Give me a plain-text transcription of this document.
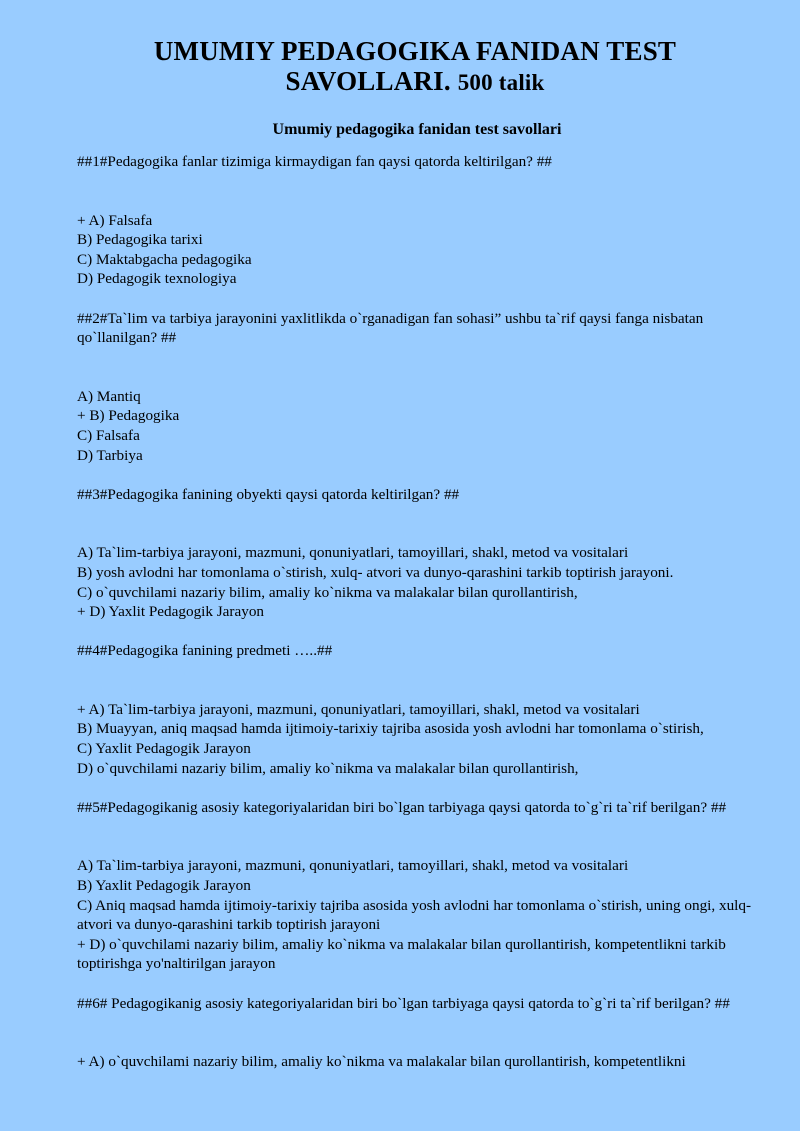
UMUMIY PEDAGOGIKA FANIDAN TEST
SAVOLLARI. 500 talik

Umumiy pedagogika fanidan test savollari

##1#Pedagogika fanlar tizimiga kirmaydigan fan qaysi qatorda keltirilgan? ##

+ A) Falsafa
B) Pedagogika tarixi
C) Maktabgacha pedagogika
D) Pedagogik texnologiya

##2#Ta`lim va tarbiya jarayonini yaxlitlikda o`rganadigan fan sohasi” ushbu ta`rif qaysi fanga nisbatan qo`llanilgan? ##

A) Mantiq
+ B) Pedagogika
C) Falsafa
D) Tarbiya

##3#Pedagogika fanining obyekti qaysi qatorda keltirilgan? ##

A) Ta`lim-tarbiya jarayoni, mazmuni, qonuniyatlari, tamoyillari, shakl, metod va vositalari
B) yosh avlodni har tomonlama o`stirish, xulq- atvori va dunyo-qarashini tarkib toptirish jarayoni.
C) o`quvchilami nazariy bilim, amaliy ko`nikma va malakalar bilan qurollantirish,
+ D) Yaxlit Pedagogik Jarayon

##4#Pedagogika fanining predmeti …..##

+ A) Ta`lim-tarbiya jarayoni, mazmuni, qonuniyatlari, tamoyillari, shakl, metod va vositalari
B) Muayyan, aniq maqsad hamda ijtimoiy-tarixiy tajriba asosida yosh avlodni har tomonlama o`stirish,
C) Yaxlit Pedagogik Jarayon
D) o`quvchilami nazariy bilim, amaliy ko`nikma va malakalar bilan qurollantirish,

##5#Pedagogikanig asosiy kategoriyalaridan biri bo`lgan tarbiyaga qaysi qatorda to`g`ri ta`rif berilgan? ##

A) Ta`lim-tarbiya jarayoni, mazmuni, qonuniyatlari, tamoyillari, shakl, metod va vositalari
B) Yaxlit Pedagogik Jarayon
C) Aniq maqsad hamda ijtimoiy-tarixiy tajriba asosida yosh avlodni har tomonlama o`stirish, uning ongi, xulq- atvori va dunyo-qarashini tarkib toptirish jarayoni
+ D) o`quvchilami nazariy bilim, amaliy ko`nikma va malakalar bilan qurollantirish, kompetentlikni tarkib toptirishga yo'naltirilgan jarayon

##6# Pedagogikanig asosiy kategoriyalaridan biri bo`lgan tarbiyaga qaysi qatorda to`g`ri ta`rif berilgan? ##

+ A) o`quvchilami nazariy bilim, amaliy ko`nikma va malakalar bilan qurollantirish, kompetentlikni
